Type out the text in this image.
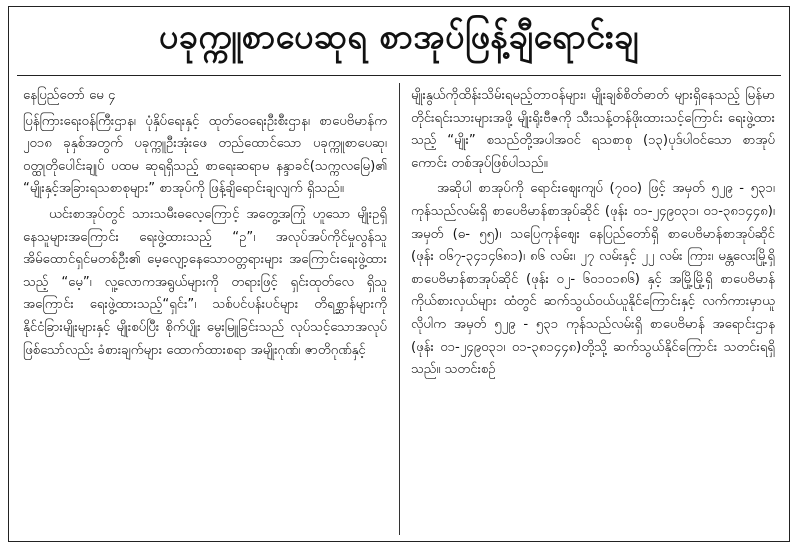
ပခုက္ကူစာပေဆုရ စာအုပ်ဖြန့်ချီရောင်းချ

နေပြည်တော် မေ ၄

ပြန်ကြားရေးဝန်ကြီးဌာန၊ ပုံနှိပ်ရေးနှင့် ထုတ်ဝေရေးဦးစီးဌာန၊ စာပေဗိမာန်က ၂၀၁၈ ခုနှစ်အတွက် ပခုက္ကူဦးအုံးဖေ တည်ထောင်သော ပခုက္ကူစာပေဆု၊ ဝတ္ထုတိုပေါင်းချုပ် ပထမ ဆုရရှိသည့် စာရေးဆရာမ နန္ဒာခင်(သက္ကလမြေ)၏ “မျိုးနှင့်အခြားရသစာစုများ” စာအုပ်ကို ဖြန့်ချိရောင်းချလျက် ရှိသည်။

ယင်းစာအုပ်တွင် သားသမီးဓလေ့ကြောင့် အတွေ့အကြုံ ဟူသော မျိုးဥရှိနေသူများအကြောင်း ရေးဖွဲ့ထားသည့် “ဥ”၊ အလုပ်အပ်ကိုင်မှုလွန်သူ အိမ်ထောင်ရှင်မတစ်ဦး၏ မေ့လျော့နေသောဝတ္တရားများ အကြောင်းရေးဖွဲ့ထားသည့် “မေ့”၊ လူ့လောကအရွယ်များကို တရားဖြင့် ရှင်းထုတ်လေ ရှိသူအကြောင်း ရေးဖွဲ့ထားသည့်“ရှင်း”၊ သစ်ပင်ပန်းပင်များ တိရစ္ဆာန်များကို နိုင်ငံခြားမျိုးများနှင့် မျိုးစပ်ပြီး စိုက်ပျိုး မွေးမြူခြင်းသည် လုပ်သင့်သောအလုပ် ဖြစ်သော်လည်း ခံစားချက်များ ထောက်ထားစရာ အမျိုးဂုဏ်၊ ဇာတိဂုဏ်နှင့်

မျိုးနွယ်ကိုထိန်းသိမ်းရမည့်တာဝန်များ၊ မျိုးချစ်စိတ်ဓာတ် များရှိနေသည့် မြန်မာတိုင်းရင်းသားများအဖို့ မျိုးရိုးဗီဇကို သီးသန့်တန်ဖိုးထားသင့်ကြောင်း ရေးဖွဲ့ထားသည့် “မျိုး” စသည်တို့အပါအဝင် ရသစာစု (၁၃)ပုဒ်ပါဝင်သော စာအုပ် ကောင်း တစ်အုပ်ဖြစ်ပါသည်။

အဆိုပါ စာအုပ်ကို ရောင်းဈေးကျပ် (၇၀၀) ဖြင့် အမှတ် ၅၂၉ - ၅၃၁၊ ကုန်သည်လမ်းရှိ စာပေဗိမာန်စာအုပ်ဆိုင် (ဖုန်း ၀၁-၂၄၉၀၃၁၊ ၀၁-၃၈၁၄၄၈)၊ အမှတ် (ဓ- ၅၅)၊ သပြေကုန်ဈေး နေပြည်တော်ရှိ စာပေဗိမာန်စာအုပ်ဆိုင် (ဖုန်း ၀၆၇-၃၄၁၄၆၈၁)၊ ၈၆ လမ်း၊ ၂၇ လမ်းနှင့် ၂၂ လမ်း ကြား၊ မန္တလေးမြို့ရှိ စာပေဗိမာန်စာအုပ်ဆိုင် (ဖုန်း ၀၂- ၆၀၁၀၁၈၆) နှင့် အမြို့မြို့ရှိ စာပေဗိမာန်ကိုယ်စားလှယ်များ ထံတွင် ဆက်သွယ်ဝယ်ယူနိုင်ကြောင်းနှင့် လက်ကားမှာယူ လိုပါက အမှတ် ၅၂၉ - ၅၃၁ ကုန်သည်လမ်းရှိ စာပေဗိမာန် အရောင်းဌာန (ဖုန်း ၀၁-၂၄၉၀၃၁၊ ၀၁-၃၈၁၄၄၈)တို့သို့ ဆက်သွယ်နိုင်ကြောင်း သတင်းရရှိသည်။ သတင်းစဉ်
